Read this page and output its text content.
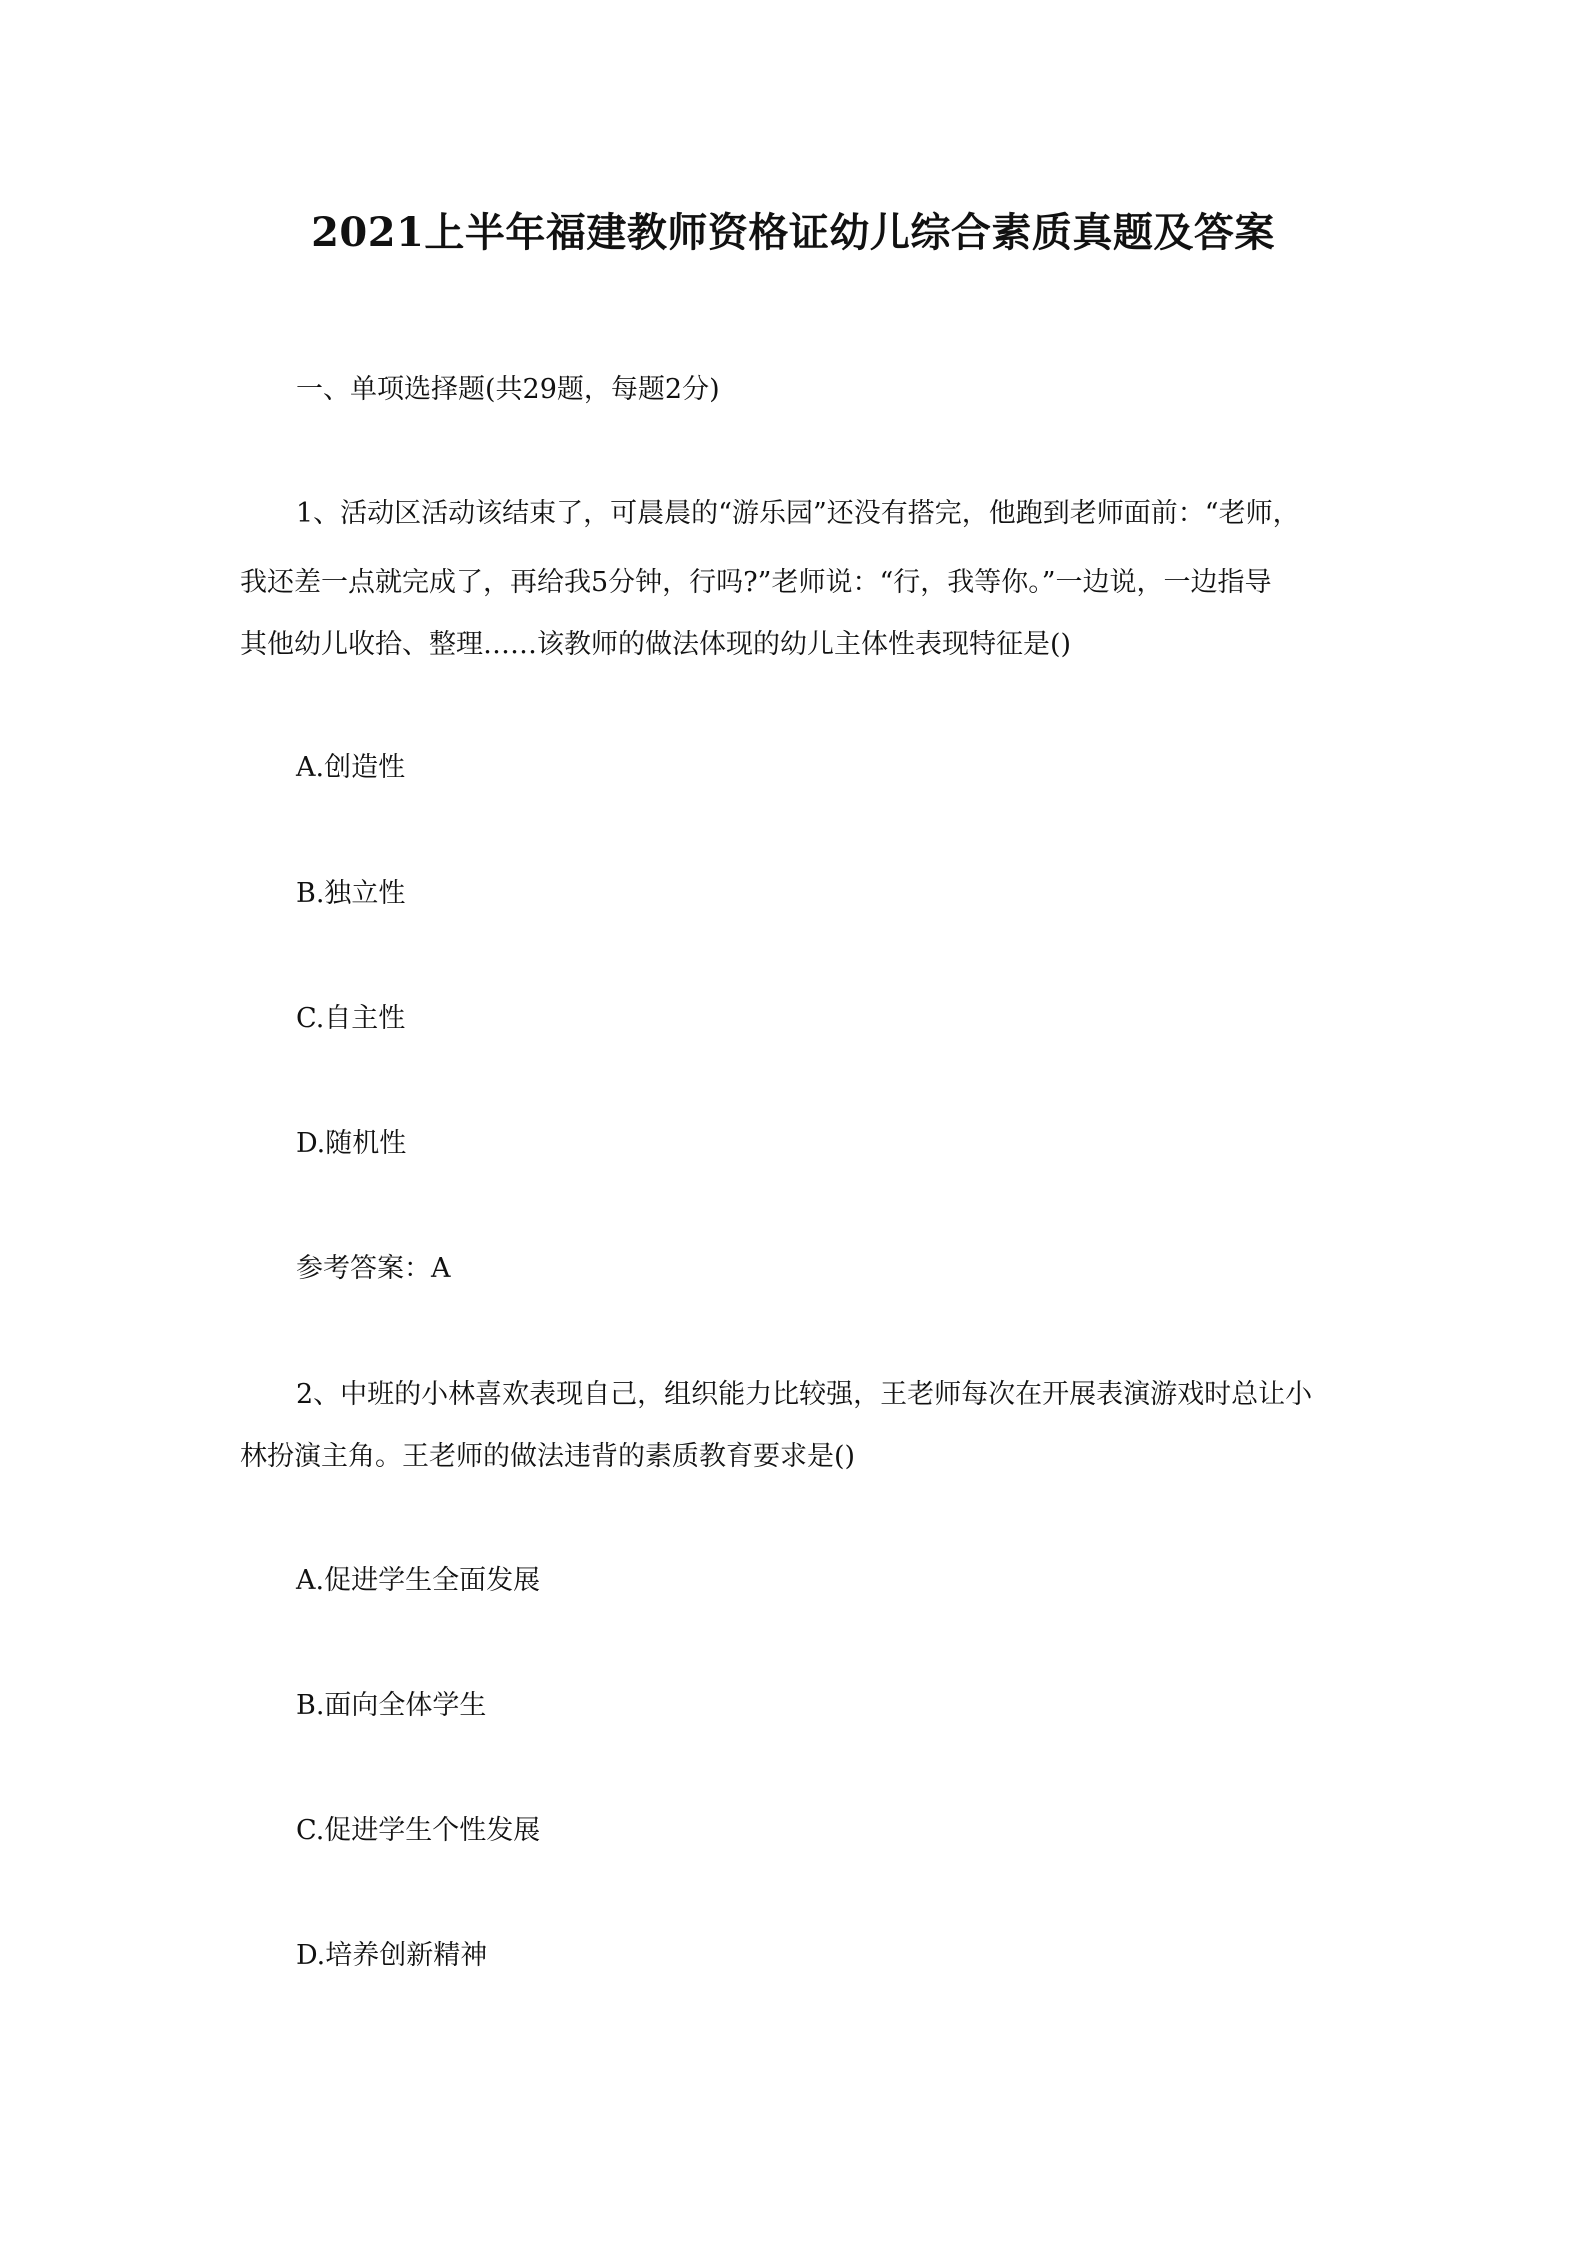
2021上半年福建教师资格证幼儿综合素质真题及答案
一、单项选择题(共29题，每题2分)
1、活动区活动该结束了，可晨晨的“游乐园”还没有搭完，他跑到老师面前：“老师，
我还差一点就完成了，再给我5分钟，行吗?”老师说：“行，我等你。”一边说，一边指导
其他幼儿收拾、整理……该教师的做法体现的幼儿主体性表现特征是()
A.创造性
B.独立性
C.自主性
D.随机性
参考答案：A
2、中班的小林喜欢表现自己，组织能力比较强，王老师每次在开展表演游戏时总让小
林扮演主角。王老师的做法违背的素质教育要求是()
A.促进学生全面发展
B.面向全体学生
C.促进学生个性发展
D.培养创新精神
